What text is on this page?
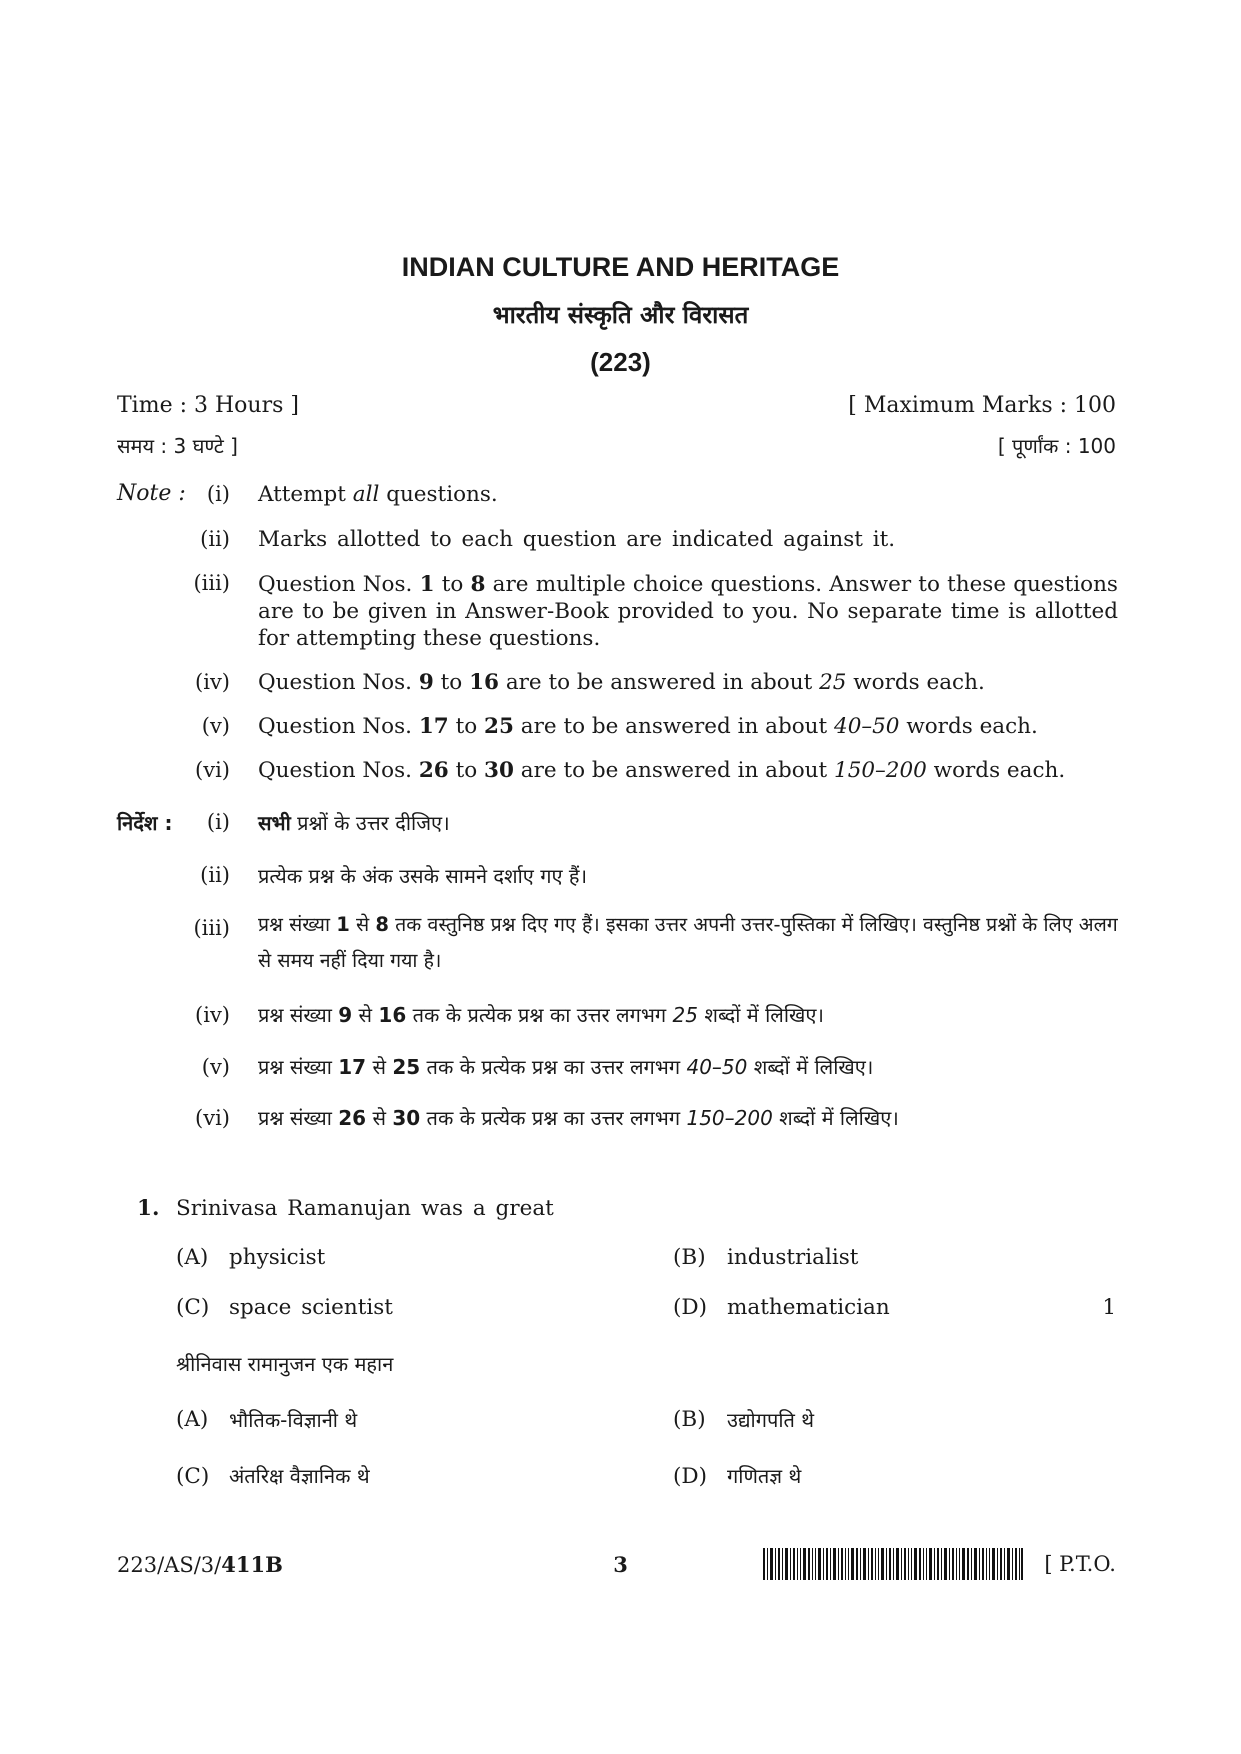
INDIAN CULTURE AND HERITAGE
भारतीय संस्कृति और विरासत
(223)
Time : 3 Hours ]	[ Maximum Marks : 100
समय : 3 घण्टे ]	[ पूर्णांक : 100
Note :	(i) Attempt all questions.
(ii) Marks allotted to each question are indicated against it.
(iii) Question Nos. 1 to 8 are multiple choice questions. Answer to these questions are to be given in Answer-Book provided to you. No separate time is allotted for attempting these questions.
(iv) Question Nos. 9 to 16 are to be answered in about 25 words each.
(v) Question Nos. 17 to 25 are to be answered in about 40–50 words each.
(vi) Question Nos. 26 to 30 are to be answered in about 150–200 words each.
निर्देश :	(i) सभी प्रश्नों के उत्तर दीजिए।
(ii) प्रत्येक प्रश्न के अंक उसके सामने दर्शाए गए हैं।
(iii) प्रश्न संख्या 1 से 8 तक वस्तुनिष्ठ प्रश्न दिए गए हैं। इसका उत्तर अपनी उत्तर-पुस्तिका में लिखिए। वस्तुनिष्ठ प्रश्नों के लिए अलग से समय नहीं दिया गया है।
(iv) प्रश्न संख्या 9 से 16 तक के प्रत्येक प्रश्न का उत्तर लगभग 25 शब्दों में लिखिए।
(v) प्रश्न संख्या 17 से 25 तक के प्रत्येक प्रश्न का उत्तर लगभग 40–50 शब्दों में लिखिए।
(vi) प्रश्न संख्या 26 से 30 तक के प्रत्येक प्रश्न का उत्तर लगभग 150–200 शब्दों में लिखिए।
1. Srinivasa Ramanujan was a great
(A) physicist	(B) industrialist
(C) space scientist	(D) mathematician	1
श्रीनिवास रामानुजन एक महान
(A) भौतिक-विज्ञानी थे	(B) उद्योगपति थे
(C) अंतरिक्ष वैज्ञानिक थे	(D) गणितज्ञ थे
223/AS/3/411B	3	[ P.T.O.
